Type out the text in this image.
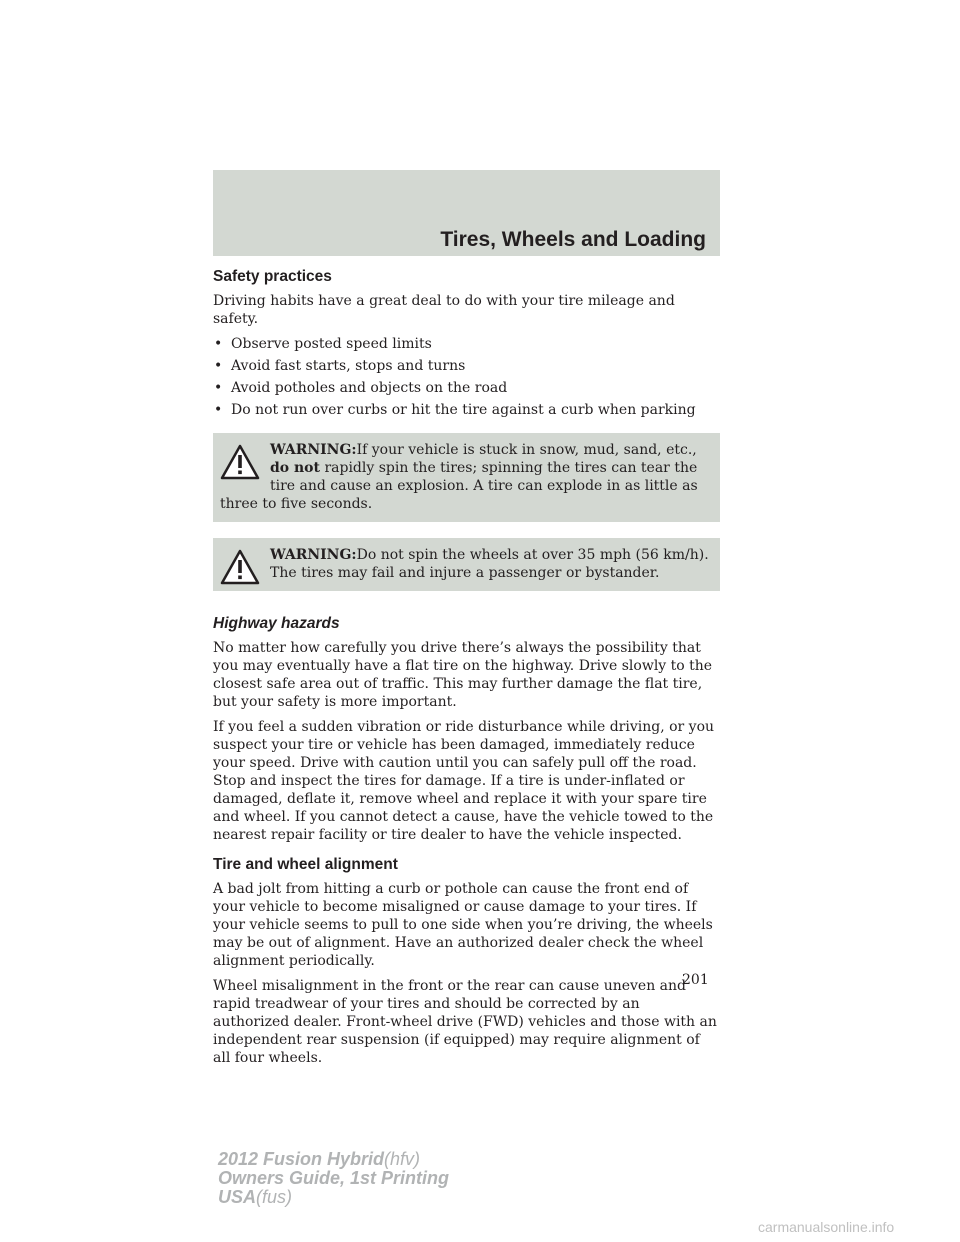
Tires, Wheels and Loading
Safety practices

Driving habits have a great deal to do with your tire mileage and safety.

• Observe posted speed limits
• Avoid fast starts, stops and turns
• Avoid potholes and objects on the road
• Do not run over curbs or hit the tire against a curb when parking
WARNING:If your vehicle is stuck in snow, mud, sand, etc., do not rapidly spin the tires; spinning the tires can tear the tire and cause an explosion. A tire can explode in as little as three to five seconds.
WARNING:Do not spin the wheels at over 35 mph (56 km/h). The tires may fail and injure a passenger or bystander.
Highway hazards

No matter how carefully you drive there’s always the possibility that you may eventually have a flat tire on the highway. Drive slowly to the closest safe area out of traffic. This may further damage the flat tire, but your safety is more important.

If you feel a sudden vibration or ride disturbance while driving, or you suspect your tire or vehicle has been damaged, immediately reduce your speed. Drive with caution until you can safely pull off the road. Stop and inspect the tires for damage. If a tire is under-inflated or damaged, deflate it, remove wheel and replace it with your spare tire and wheel. If you cannot detect a cause, have the vehicle towed to the nearest repair facility or tire dealer to have the vehicle inspected.

Tire and wheel alignment

A bad jolt from hitting a curb or pothole can cause the front end of your vehicle to become misaligned or cause damage to your tires. If your vehicle seems to pull to one side when you’re driving, the wheels may be out of alignment. Have an authorized dealer check the wheel alignment periodically.

Wheel misalignment in the front or the rear can cause uneven and rapid treadwear of your tires and should be corrected by an authorized dealer. Front-wheel drive (FWD) vehicles and those with an independent rear suspension (if equipped) may require alignment of all four wheels.

201
2012 Fusion Hybrid(hfv)
Owners Guide, 1st Printing
USA(fus)
carmanualsonline.info
